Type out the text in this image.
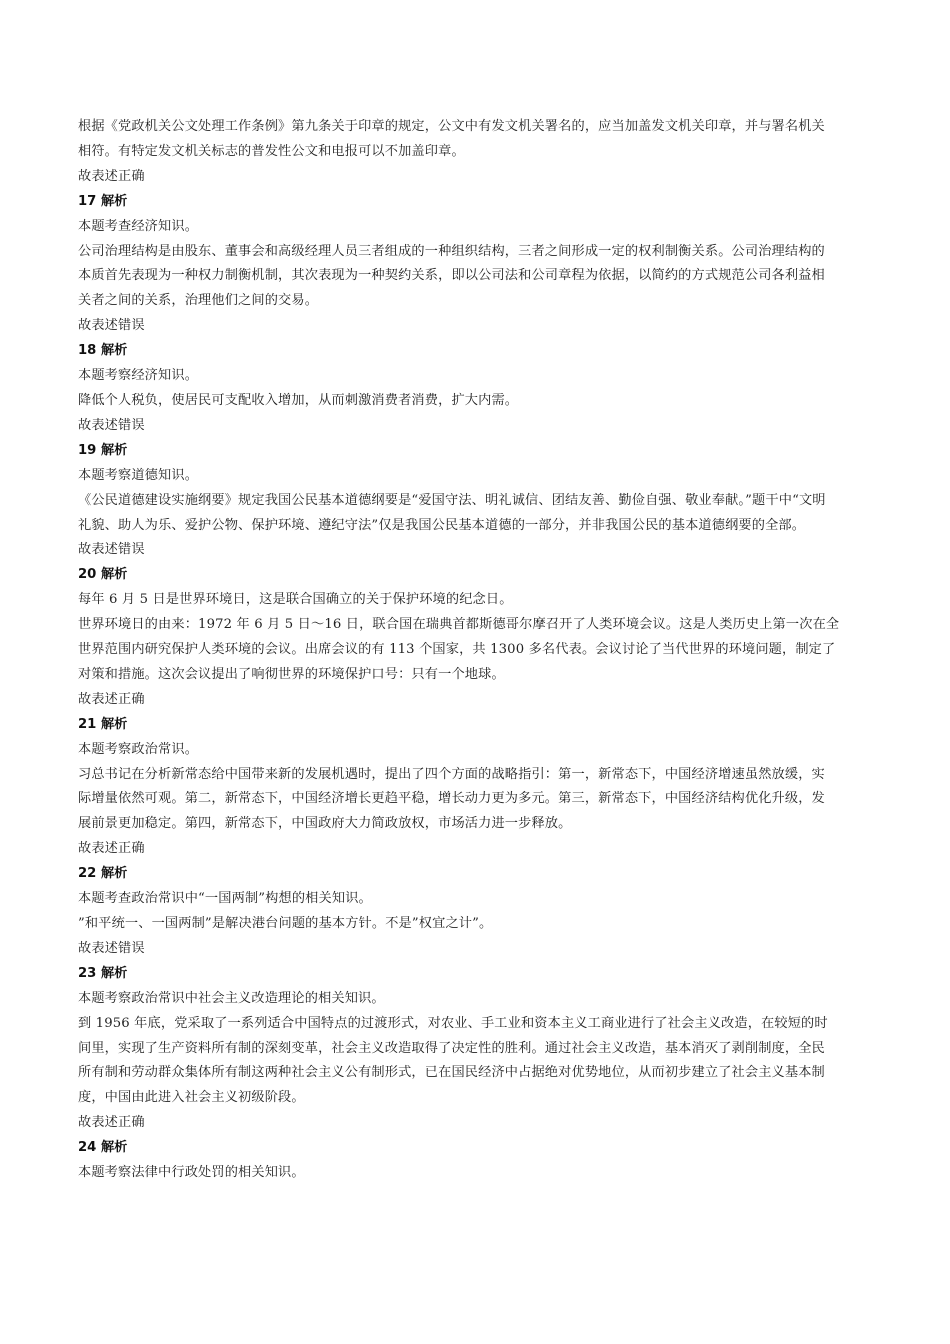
根据《党政机关公文处理工作条例》第九条关于印章的规定，公文中有发文机关署名的，应当加盖发文机关印章，并与署名机关
相符。有特定发文机关标志的普发性公文和电报可以不加盖印章。
故表述正确
17 解析
本题考查经济知识。
公司治理结构是由股东、董事会和高级经理人员三者组成的一种组织结构，三者之间形成一定的权利制衡关系。公司治理结构的
本质首先表现为一种权力制衡机制，其次表现为一种契约关系，即以公司法和公司章程为依据，以简约的方式规范公司各利益相
关者之间的关系，治理他们之间的交易。
故表述错误
18 解析
本题考察经济知识。
降低个人税负，使居民可支配收入增加，从而刺激消费者消费，扩大内需。
故表述错误
19 解析
本题考察道德知识。
《公民道德建设实施纲要》规定我国公民基本道德纲要是“爱国守法、明礼诚信、团结友善、勤俭自强、敬业奉献。”题干中“文明
礼貌、助人为乐、爱护公物、保护环境、遵纪守法”仅是我国公民基本道德的一部分，并非我国公民的基本道德纲要的全部。
故表述错误
20 解析
每年 6 月 5 日是世界环境日，这是联合国确立的关于保护环境的纪念日。
世界环境日的由来：1972 年 6 月 5 日～16 日，联合国在瑞典首都斯德哥尔摩召开了人类环境会议。这是人类历史上第一次在全
世界范围内研究保护人类环境的会议。出席会议的有 113 个国家，共 1300 多名代表。会议讨论了当代世界的环境问题，制定了
对策和措施。这次会议提出了响彻世界的环境保护口号：只有一个地球。
故表述正确
21 解析
本题考察政治常识。
习总书记在分析新常态给中国带来新的发展机遇时，提出了四个方面的战略指引：第一，新常态下，中国经济增速虽然放缓，实
际增量依然可观。第二，新常态下，中国经济增长更趋平稳，增长动力更为多元。第三，新常态下，中国经济结构优化升级，发
展前景更加稳定。第四，新常态下，中国政府大力简政放权，市场活力进一步释放。
故表述正确
22 解析
本题考查政治常识中“一国两制”构想的相关知识。
”和平统一、一国两制”是解决港台问题的基本方针。不是”权宜之计”。
故表述错误
23 解析
本题考察政治常识中社会主义改造理论的相关知识。
到 1956 年底，党采取了一系列适合中国特点的过渡形式，对农业、手工业和资本主义工商业进行了社会主义改造，在较短的时
间里，实现了生产资料所有制的深刻变革，社会主义改造取得了决定性的胜利。通过社会主义改造，基本消灭了剥削制度，全民
所有制和劳动群众集体所有制这两种社会主义公有制形式，已在国民经济中占据绝对优势地位，从而初步建立了社会主义基本制
度，中国由此进入社会主义初级阶段。
故表述正确
24 解析
本题考察法律中行政处罚的相关知识。
